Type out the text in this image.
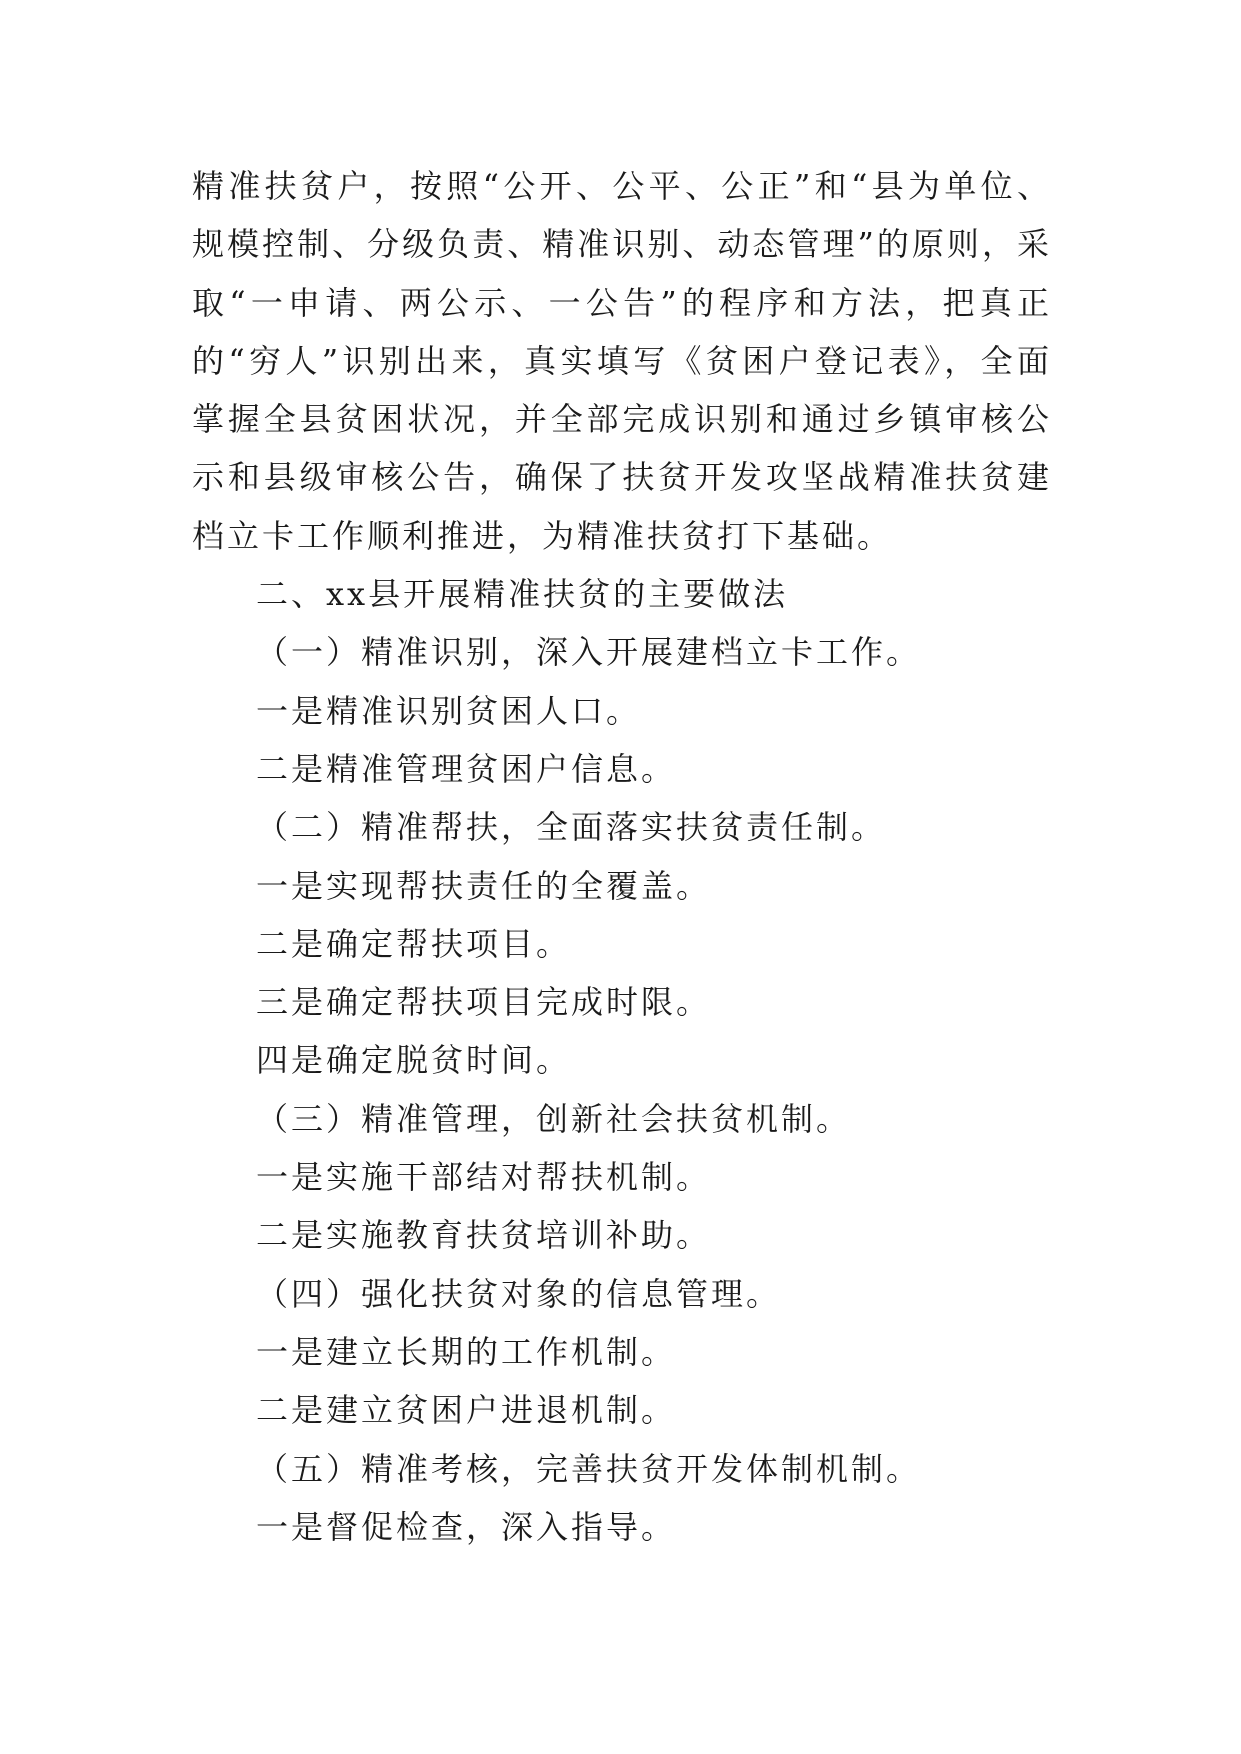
精准扶贫户，按照“公开、公平、公正”和“县为单位、规模控制、分级负责、精准识别、动态管理”的原则，采取“一申请、两公示、一公告”的程序和方法，把真正的“穷人”识别出来，真实填写《贫困户登记表》，全面掌握全县贫困状况，并全部完成识别和通过乡镇审核公示和县级审核公告，确保了扶贫开发攻坚战精准扶贫建档立卡工作顺利推进，为精准扶贫打下基础。

二、xx县开展精准扶贫的主要做法

（一）精准识别，深入开展建档立卡工作。

一是精准识别贫困人口。

二是精准管理贫困户信息。

（二）精准帮扶，全面落实扶贫责任制。

一是实现帮扶责任的全覆盖。

二是确定帮扶项目。

三是确定帮扶项目完成时限。

四是确定脱贫时间。

（三）精准管理，创新社会扶贫机制。

一是实施干部结对帮扶机制。

二是实施教育扶贫培训补助。

（四）强化扶贫对象的信息管理。

一是建立长期的工作机制。

二是建立贫困户进退机制。

（五）精准考核，完善扶贫开发体制机制。

一是督促检查，深入指导。
